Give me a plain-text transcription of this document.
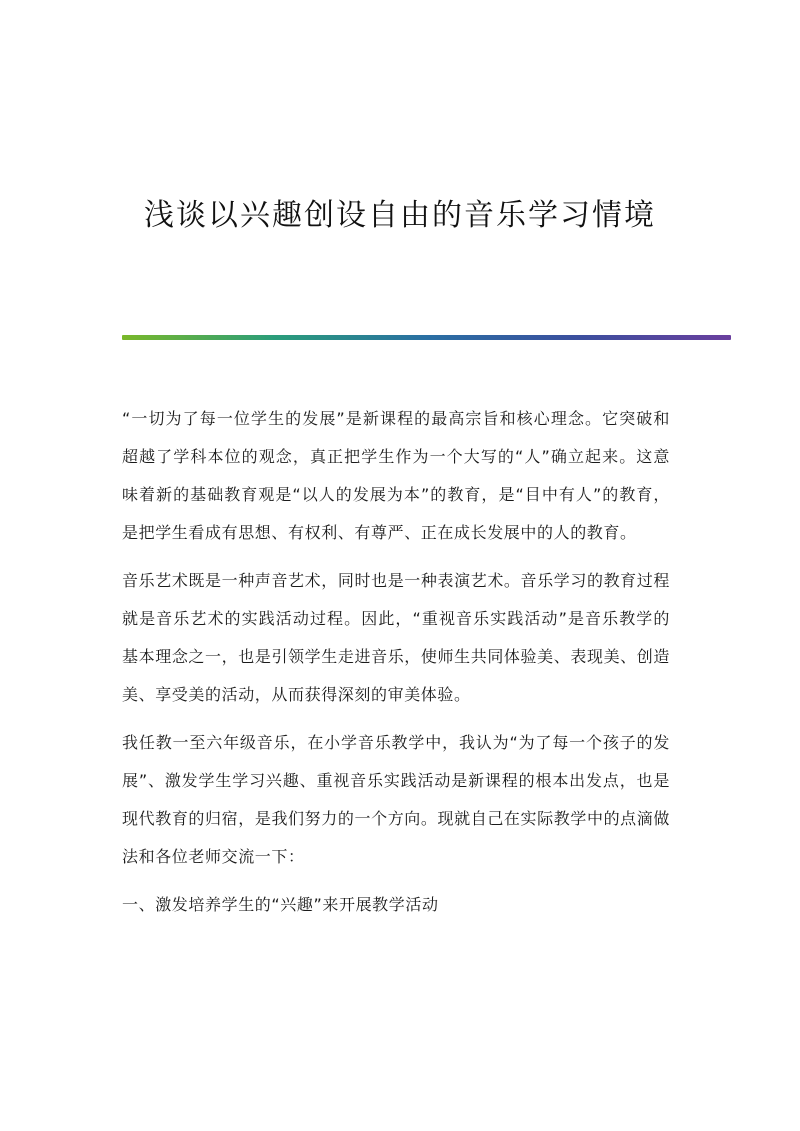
浅谈以兴趣创设自由的音乐学习情境

“一切为了每一位学生的发展”是新课程的最高宗旨和核心理念。它突破和超越了学科本位的观念，真正把学生作为一个大写的“人”确立起来。这意味着新的基础教育观是“以人的发展为本”的教育，是“目中有人”的教育，是把学生看成有思想、有权利、有尊严、正在成长发展中的人的教育。

音乐艺术既是一种声音艺术，同时也是一种表演艺术。音乐学习的教育过程就是音乐艺术的实践活动过程。因此，“重视音乐实践活动”是音乐教学的基本理念之一，也是引领学生走进音乐，使师生共同体验美、表现美、创造美、享受美的活动，从而获得深刻的审美体验。

我任教一至六年级音乐，在小学音乐教学中，我认为“为了每一个孩子的发展”、激发学生学习兴趣、重视音乐实践活动是新课程的根本出发点，也是现代教育的归宿，是我们努力的一个方向。现就自己在实际教学中的点滴做法和各位老师交流一下：

一、激发培养学生的“兴趣”来开展教学活动
